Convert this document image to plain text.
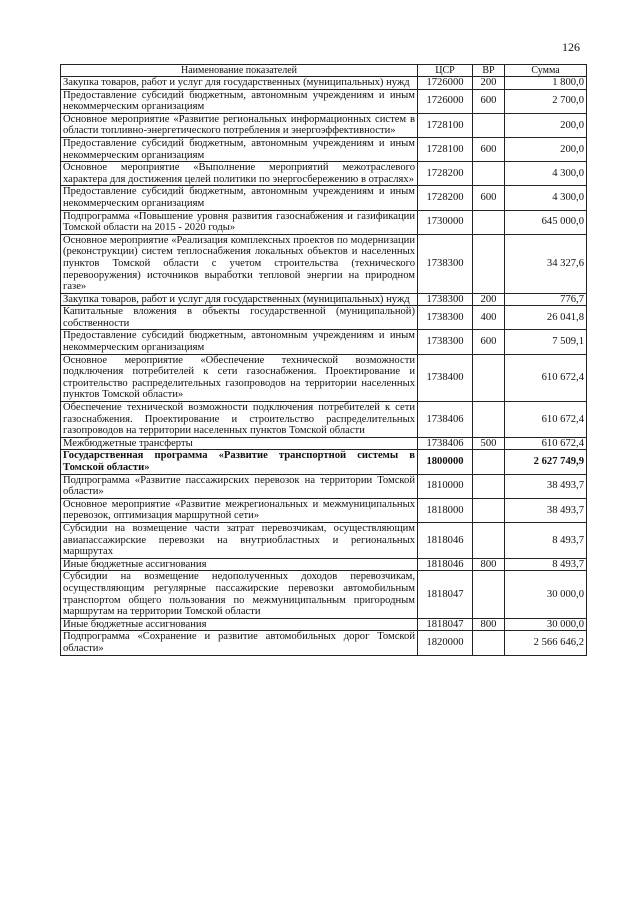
126
Наименование показателей	ЦСР	ВР	Сумма
Закупка товаров, работ и услуг для государственных (муниципальных) нужд	1726000	200	1 800,0
Предоставление субсидий бюджетным, автономным учреждениям и иным некоммерческим организациям	1726000	600	2 700,0
Основное мероприятие «Развитие региональных информационных систем в области топливно-энергетического потребления и энергоэффективности»	1728100		200,0
Предоставление субсидий бюджетным, автономным учреждениям и иным некоммерческим организациям	1728100	600	200,0
Основное мероприятие «Выполнение мероприятий межотраслевого характера для достижения целей политики по энергосбережению в отраслях»	1728200		4 300,0
Предоставление субсидий бюджетным, автономным учреждениям и иным некоммерческим организациям	1728200	600	4 300,0
Подпрограмма «Повышение уровня развития газоснабжения и газификации Томской области на 2015 - 2020 годы»	1730000		645 000,0
Основное мероприятие «Реализация комплексных проектов по модернизации (реконструкции) систем теплоснабжения локальных объектов и населенных пунктов Томской области с учетом строительства (технического перевооружения) источников выработки тепловой энергии на природном газе»	1738300		34 327,6
Закупка товаров, работ и услуг для государственных (муниципальных) нужд	1738300	200	776,7
Капитальные вложения в объекты государственной (муниципальной) собственности	1738300	400	26 041,8
Предоставление субсидий бюджетным, автономным учреждениям и иным некоммерческим организациям	1738300	600	7 509,1
Основное мероприятие «Обеспечение технической возможности подключения потребителей к сети газоснабжения. Проектирование и строительство распределительных газопроводов на территории населенных пунктов Томской области»	1738400		610 672,4
Обеспечение технической возможности подключения потребителей к сети газоснабжения. Проектирование и строительство распределительных газопроводов на территории населенных пунктов Томской области	1738406		610 672,4
Межбюджетные трансферты	1738406	500	610 672,4
Государственная программа «Развитие транспортной системы в Томской области»	1800000		2 627 749,9
Подпрограмма «Развитие пассажирских перевозок на территории Томской области»	1810000		38 493,7
Основное мероприятие «Развитие межрегиональных и межмуниципальных перевозок, оптимизация маршрутной сети»	1818000		38 493,7
Субсидии на возмещение части затрат перевозчикам, осуществляющим авиапассажирские перевозки на внутриобластных и региональных маршрутах	1818046		8 493,7
Иные бюджетные ассигнования	1818046	800	8 493,7
Субсидии на возмещение недополученных доходов перевозчикам, осуществляющим регулярные пассажирские перевозки автомобильным транспортом общего пользования по межмуниципальным пригородным маршрутам на территории Томской области	1818047		30 000,0
Иные бюджетные ассигнования	1818047	800	30 000,0
Подпрограмма «Сохранение и развитие автомобильных дорог Томской области»	1820000		2 566 646,2
